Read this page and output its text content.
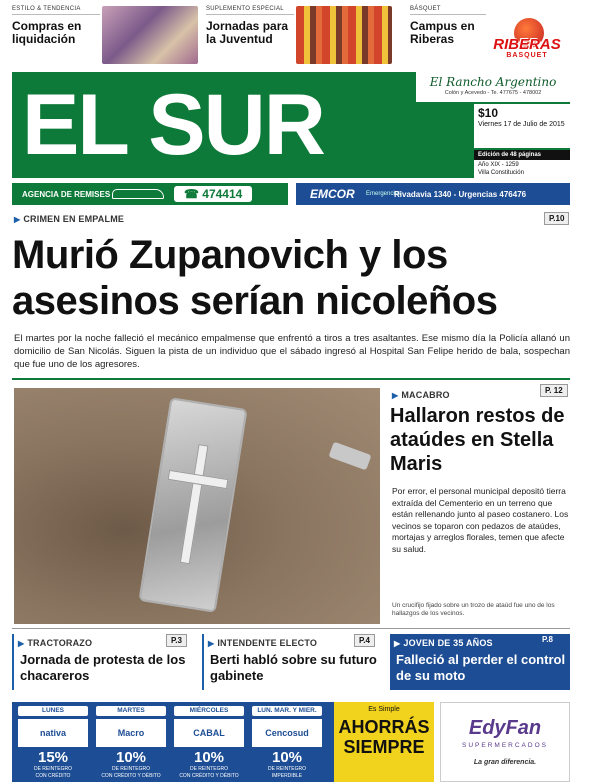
ESTILO & TENDENCIA
Compras en liquidación
SUPLEMENTO ESPECIAL
Jornadas para la Juventud
BÁSQUET
Campus en Riberas	RIBERAS
BASQUET
EL SUR	El Rancho Argentino
Colón y Acevedo - Te. 477675 - 478002
$10
Viernes 17 de Julio de 2015
Edición de 48 páginas
Año XIX - 1259
Villa Constitución
AGENCIA DE REMISES	☎ 474414	EMCOR	Emergencias
Rivadavia 1340 - Urgencias 476476
▶ CRIMEN EN EMPALME	P.10
Murió Zupanovich y los asesinos serían nicoleños
El martes por la noche falleció el mecánico empalmense que enfrentó a tiros a tres asaltantes. Ese mismo día la Policía allanó un domicilio de San Nicolás. Siguen la pista de un individuo que el sábado ingresó al Hospital San Felipe herido de bala, sospechan que fue uno de los agresores.
▶ MACABRO	P. 12
Hallaron restos de ataúdes en Stella Maris
Por error, el personal municipal depositó tierra extraída del Cementerio en un terreno que están rellenando junto al paseo costanero. Los vecinos se toparon con pedazos de ataúdes, mortajas y arreglos florales, temen que afecte su salud.
Un crucifijo fijado sobre un trozo de ataúd fue uno de los hallazgos de los vecinos.
▶ TRACTORAZO	P.3
Jornada de protesta de los chacareros
▶ INTENDENTE ELECTO	P.4
Berti habló sobre su futuro gabinete
▶ JOVEN DE 35 AÑOS	P.8
Falleció al perder el control de su moto
LUNES
nativa
15%
DE REINTEGRO
CON CRÉDITO
MARTES
Macro
10%
DE REINTEGRO
CON CRÉDITO Y DÉBITO
MIÉRCOLES
CABAL
10%
DE REINTEGRO
CON CRÉDITO Y DÉBITO
LUN. MAR. Y MIER.
Cencosud
10%
DE REINTEGRO
IMPERDIBLE
Es Simple
AHORRÁS SIEMPRE
EdyFan
SUPERMERCADOS
La gran diferencia.
